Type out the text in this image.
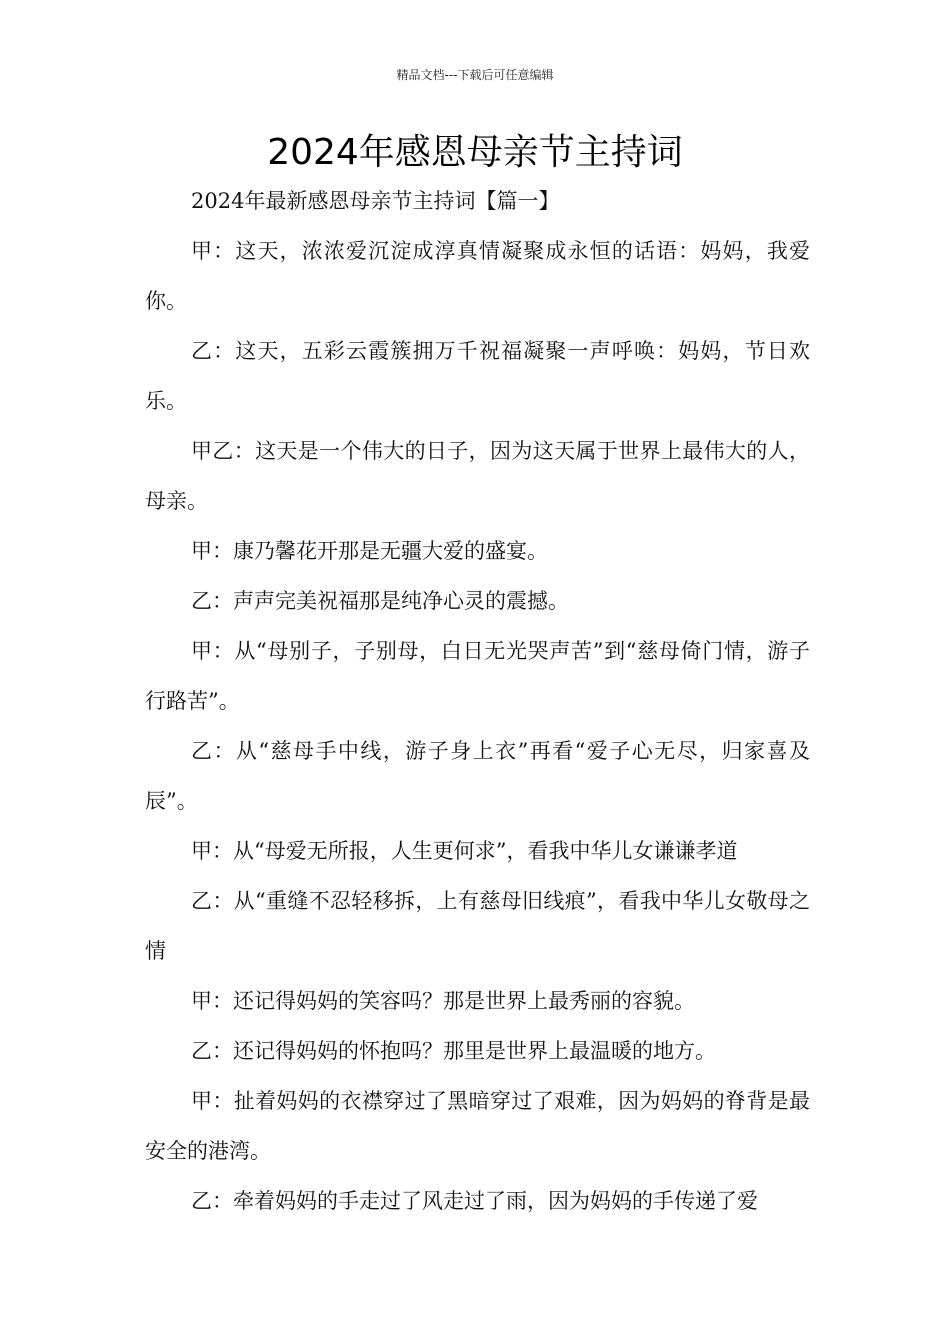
精品文档---下载后可任意编辑
2024年感恩母亲节主持词

2024年最新感恩母亲节主持词【篇一】

甲：这天，浓浓爱沉淀成淳真情凝聚成永恒的话语：妈妈，我爱你。

乙：这天，五彩云霞簇拥万千祝福凝聚一声呼唤：妈妈，节日欢乐。

甲乙：这天是一个伟大的日子，因为这天属于世界上最伟大的人，母亲。

甲：康乃馨花开那是无疆大爱的盛宴。

乙：声声完美祝福那是纯净心灵的震撼。

甲：从“母别子，子别母，白日无光哭声苦”到“慈母倚门情，游子行路苦”。

乙：从“慈母手中线，游子身上衣”再看“爱子心无尽，归家喜及辰”。

甲：从“母爱无所报，人生更何求”，看我中华儿女谦谦孝道

乙：从“重缝不忍轻移拆，上有慈母旧线痕”，看我中华儿女敬母之情

甲：还记得妈妈的笑容吗？那是世界上最秀丽的容貌。

乙：还记得妈妈的怀抱吗？那里是世界上最温暖的地方。

甲：扯着妈妈的衣襟穿过了黑暗穿过了艰难，因为妈妈的脊背是最安全的港湾。

乙：牵着妈妈的手走过了风走过了雨，因为妈妈的手传递了爱
